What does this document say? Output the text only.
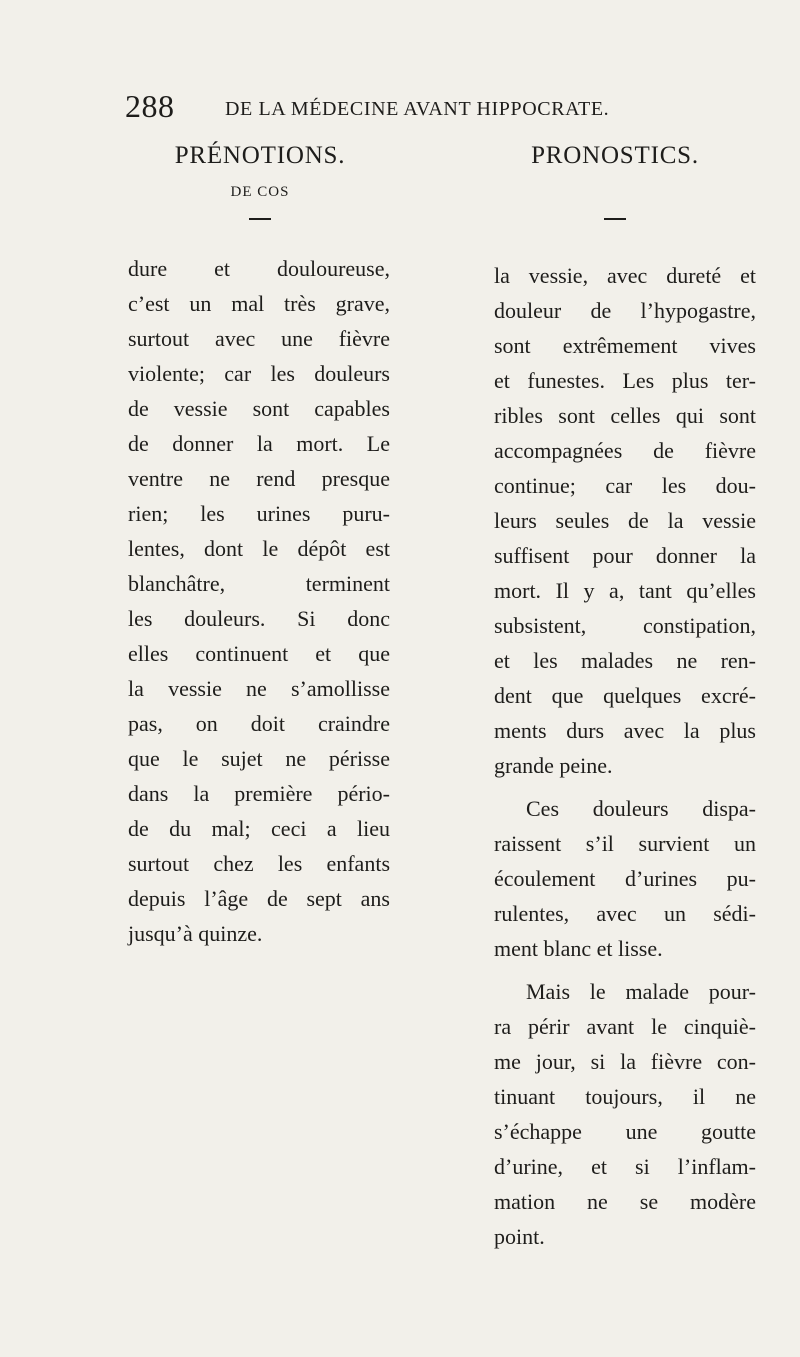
288	DE LA MÉDECINE AVANT HIPPOCRATE.
PRÉNOTIONS.
DE COS
PRONOSTICS.
dure et douloureuse,
c’est un mal très grave,
surtout avec une fièvre
violente; car les douleurs
de vessie sont capables
de donner la mort. Le
ventre ne rend presque
rien; les urines puru-
lentes, dont le dépôt est
blanchâtre, terminent
les douleurs. Si donc
elles continuent et que
la vessie ne s’amollisse
pas, on doit craindre
que le sujet ne périsse
dans la première pério-
de du mal; ceci a lieu
surtout chez les enfants
depuis l’âge de sept ans
jusqu’à quinze.
la vessie, avec dureté et
douleur de l’hypogastre,
sont extrêmement vives
et funestes. Les plus ter-
ribles sont celles qui sont
accompagnées de fièvre
continue; car les dou-
leurs seules de la vessie
suffisent pour donner la
mort. Il y a, tant qu’elles
subsistent, constipation,
et les malades ne ren-
dent que quelques excré-
ments durs avec la plus
grande peine.
Ces douleurs dispa-
raissent s’il survient un
écoulement d’urines pu-
rulentes, avec un sédi-
ment blanc et lisse.
Mais le malade pour-
ra périr avant le cinquiè-
me jour, si la fièvre con-
tinuant toujours, il ne
s’échappe une goutte
d’urine, et si l’inflam-
mation ne se modère
point.
